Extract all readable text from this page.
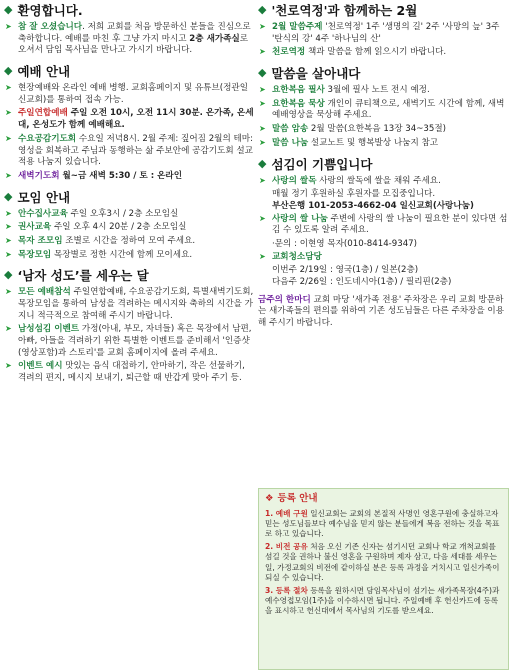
◆ 환영합니다.
➤ 참 잘 오셨습니다. 저희 교회를 처음 방문하신 분들을 진심으로 축하합니다. 예배를 마친 후 그냥 가지 마시고 2층 새가족실로 오셔서 담임 목사님을 만나고 가시기 바랍니다.
◆ 예배 안내
➤ 현장예배와 온라인 예배 병행. 교회홈페이지 및 유튜브(정관일신교회)를 통하여 접속 가능.
➤ 주일연합예배 주일 오전 10시, 오전 11시 30분. 온가족, 온세대, 온성도가 함께 예배해요.
➤ 수요공감기도회 수요일 저녁8시. 2월 주제: 짚어짐 2월의 테마: 영성을 회복하고 주님과 동행하는 삶 주보안에 공감기도회 설교 적용 나눔지 있습니다.
➤ 새벽기도회 월~금 새벽 5:30 / 토 : 온라인
◆ 모임 안내
➤ 안수집사교육 주일 오후3시 / 2층 소모임실
➤ 권사교육 주일 오후 4시 20분 / 2층 소모임실
➤ 목자 조모임 조별로 시간을 정하여 모여 주세요.
➤ 목장모임 목장별로 정한 시간에 함께 모이세요.
◆ ‘남자 성도’를 세우는 달
➤ 모든 예배참석 주일연합예배, 수요공감기도회, 특별새벽기도회, 목장모임을 통하여 남성을 격려하는 메시지와 축하의 시간을 가지니 적극적으로 참여해 주시기 바랍니다.
➤ 남성섬김 이벤트 가정(아내, 부모, 자녀들) 혹은 목장에서 남편, 아빠, 아들을 격려하기 위한 특별한 이벤트를 준비해서 '인증샷(영상포함)과 스토리'를 교회 홈페이지에 올려 주세요.
➤ 이벤트 예시 맛있는 음식 대접하기, 안마하기, 작은 선물하기, 격려의 편지, 메시지 보내기, 퇴근할 때 반갑게 맞아 주기 등.
◆ '천로역정'과 함께하는 2월
➤ 2월 말씀주제 '천로역정' 1주 '생명의 길' 2주 '사망의 늪' 3주 '탄식의 강' 4주 '하나님의 산'
➤ 천로역정 책과 말씀을 함께 읽으시기 바랍니다.
◆ 말씀을 살아내다
➤ 요한복음 필사 3월에 필사 노트 전시 예정.
➤ 요한복음 묵상 개인이 큐티책으로, 새벽기도 시간에 함께, 새벽예배영상을 묵상해 주세요.
➤ 말씀 암송 2월 말씀(요한복음 13장 34~35절)
➤ 말씀 나눔 설교노트 및 행복발상 나눔지 참고
◆ 섬김이 기쁨입니다
➤ 사랑의 쌀독 사랑의 쌀독에 쌀을 채워 주세요.
매월 정기 후원하실 후원자를 모집중입니다.
부산은행 101-2053-4662-04 일신교회(사랑나눔)
➤ 사랑의 쌀 나눔 주변에 사랑의 쌀 나눔이 필요한 분이 있다면 섬김 수 있도록 알려 주세요.
·문의 : 이현영 목자(010-8414-9347)
➤ 교회청소담당
이번주 2/19일 : 영국(1층) / 일본(2층)
다음주 2/26일 : 인도네시아(1층) / 필리핀(2층)
금주의 한마디 교회 마당 '새가족 전용' 주차장은 우리 교회 방문하는 새가족들의 편의를 위하여 기존 성도님들은 다른 주차장을 이용해 주시기 바랍니다.
❖ 등록 안내

1. 예배 구원 일신교회는 교회의 본질적 사명인 영혼구원에 충실하고자 믿는 성도님들보다 예수님을 믿지 않는 분들에게 복음 전하는 것을 목표로 하고 있습니다.

2. 비전 공유 처음 오신 기존 신자는 섬기시던 교회나 학교 개척교회를 섬길 것을 권하나 불신 영혼을 구원하며 제자 삼고, 다음 세대를 세우는 일, 가정교회의 비전에 같이하실 분은 등록 과정을 거치시고 일신가족이 되실 수 있습니다.

3. 등록 절차 등록을 원하시면 담임목사님이 섬기는 새가족목장(4주)과 예수영접모임(1주)을 이수하시면 됩니다. 주일예배 후 헌신카드에 등록을 표시하고 헌신대에서 목사님의 기도를 받으세요.
